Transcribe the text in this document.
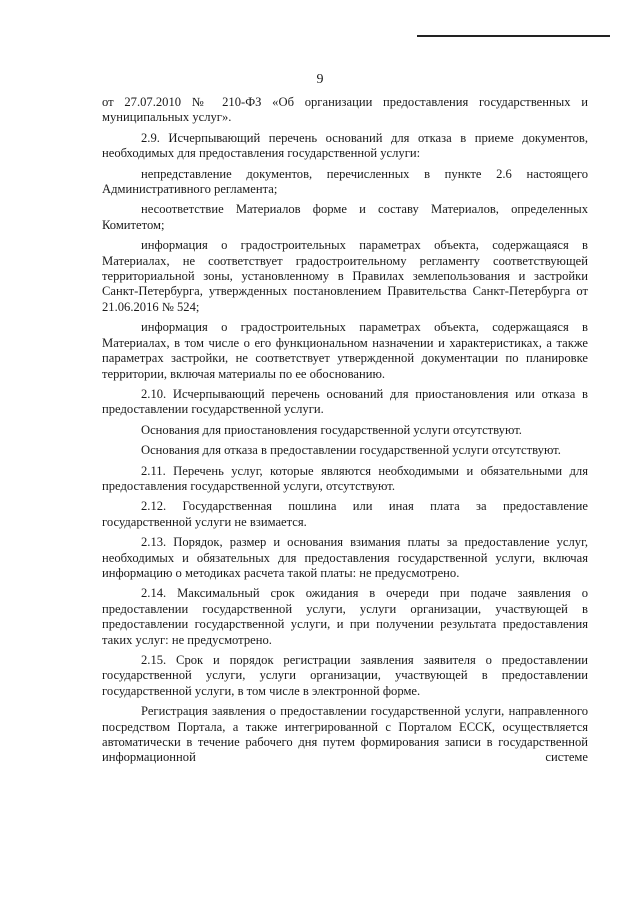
9

от 27.07.2010 № 210-ФЗ «Об организации предоставления государственных и муниципальных услуг».

2.9. Исчерпывающий перечень оснований для отказа в приеме документов, необходимых для предоставления государственной услуги:

непредставление документов, перечисленных в пункте 2.6 настоящего Административного регламента;

несоответствие Материалов форме и составу Материалов, определенных Комитетом;

информация о градостроительных параметрах объекта, содержащаяся в Материалах, не соответствует градостроительному регламенту соответствующей территориальной зоны, установленному в Правилах землепользования и застройки Санкт-Петербурга, утвержденных постановлением Правительства Санкт-Петербурга от 21.06.2016 № 524;

информация о градостроительных параметрах объекта, содержащаяся в Материалах, в том числе о его функциональном назначении и характеристиках, а также параметрах застройки, не соответствует утвержденной документации по планировке территории, включая материалы по ее обоснованию.

2.10. Исчерпывающий перечень оснований для приостановления или отказа в предоставлении государственной услуги.

Основания для приостановления государственной услуги отсутствуют.

Основания для отказа в предоставлении государственной услуги отсутствуют.

2.11. Перечень услуг, которые являются необходимыми и обязательными для предоставления государственной услуги, отсутствуют.

2.12. Государственная пошлина или иная плата за предоставление государственной услуги не взимается.

2.13. Порядок, размер и основания взимания платы за предоставление услуг, необходимых и обязательных для предоставления государственной услуги, включая информацию о методиках расчета такой платы: не предусмотрено.

2.14. Максимальный срок ожидания в очереди при подаче заявления о предоставлении государственной услуги, услуги организации, участвующей в предоставлении государственной услуги, и при получении результата предоставления таких услуг: не предусмотрено.

2.15. Срок и порядок регистрации заявления заявителя о предоставлении государственной услуги, услуги организации, участвующей в предоставлении государственной услуги, в том числе в электронной форме.

Регистрация заявления о предоставлении государственной услуги, направленного посредством Портала, а также интегрированной с Порталом ЕССК, осуществляется автоматически в течение рабочего дня путем формирования записи в государственной информационной системе
